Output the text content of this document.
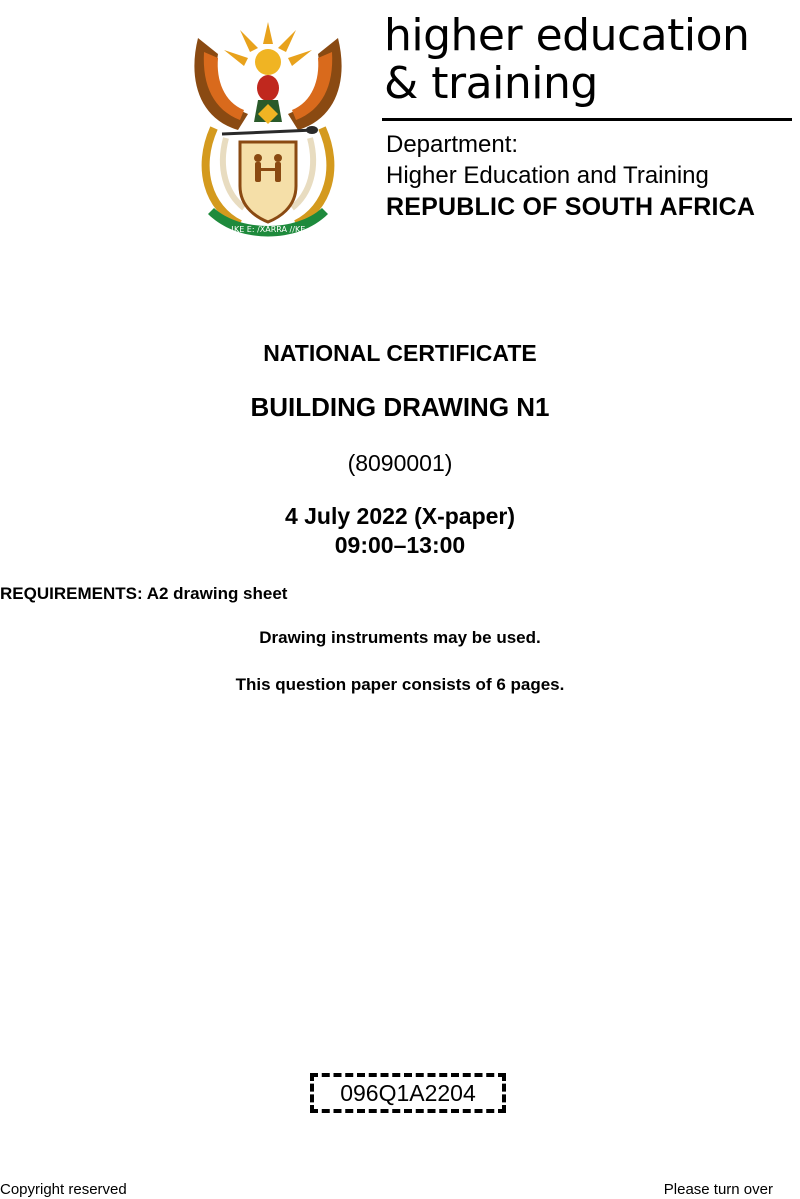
!KE E: /XARRA //KE
higher education
& training
Department:
Higher Education and Training
REPUBLIC OF SOUTH AFRICA
NATIONAL CERTIFICATE
BUILDING DRAWING N1
(8090001)
4 July 2022 (X-paper)
09:00–13:00
REQUIREMENTS: A2 drawing sheet
Drawing instruments may be used.
This question paper consists of 6 pages.
096Q1A2204
Copyright reserved	Please turn over
